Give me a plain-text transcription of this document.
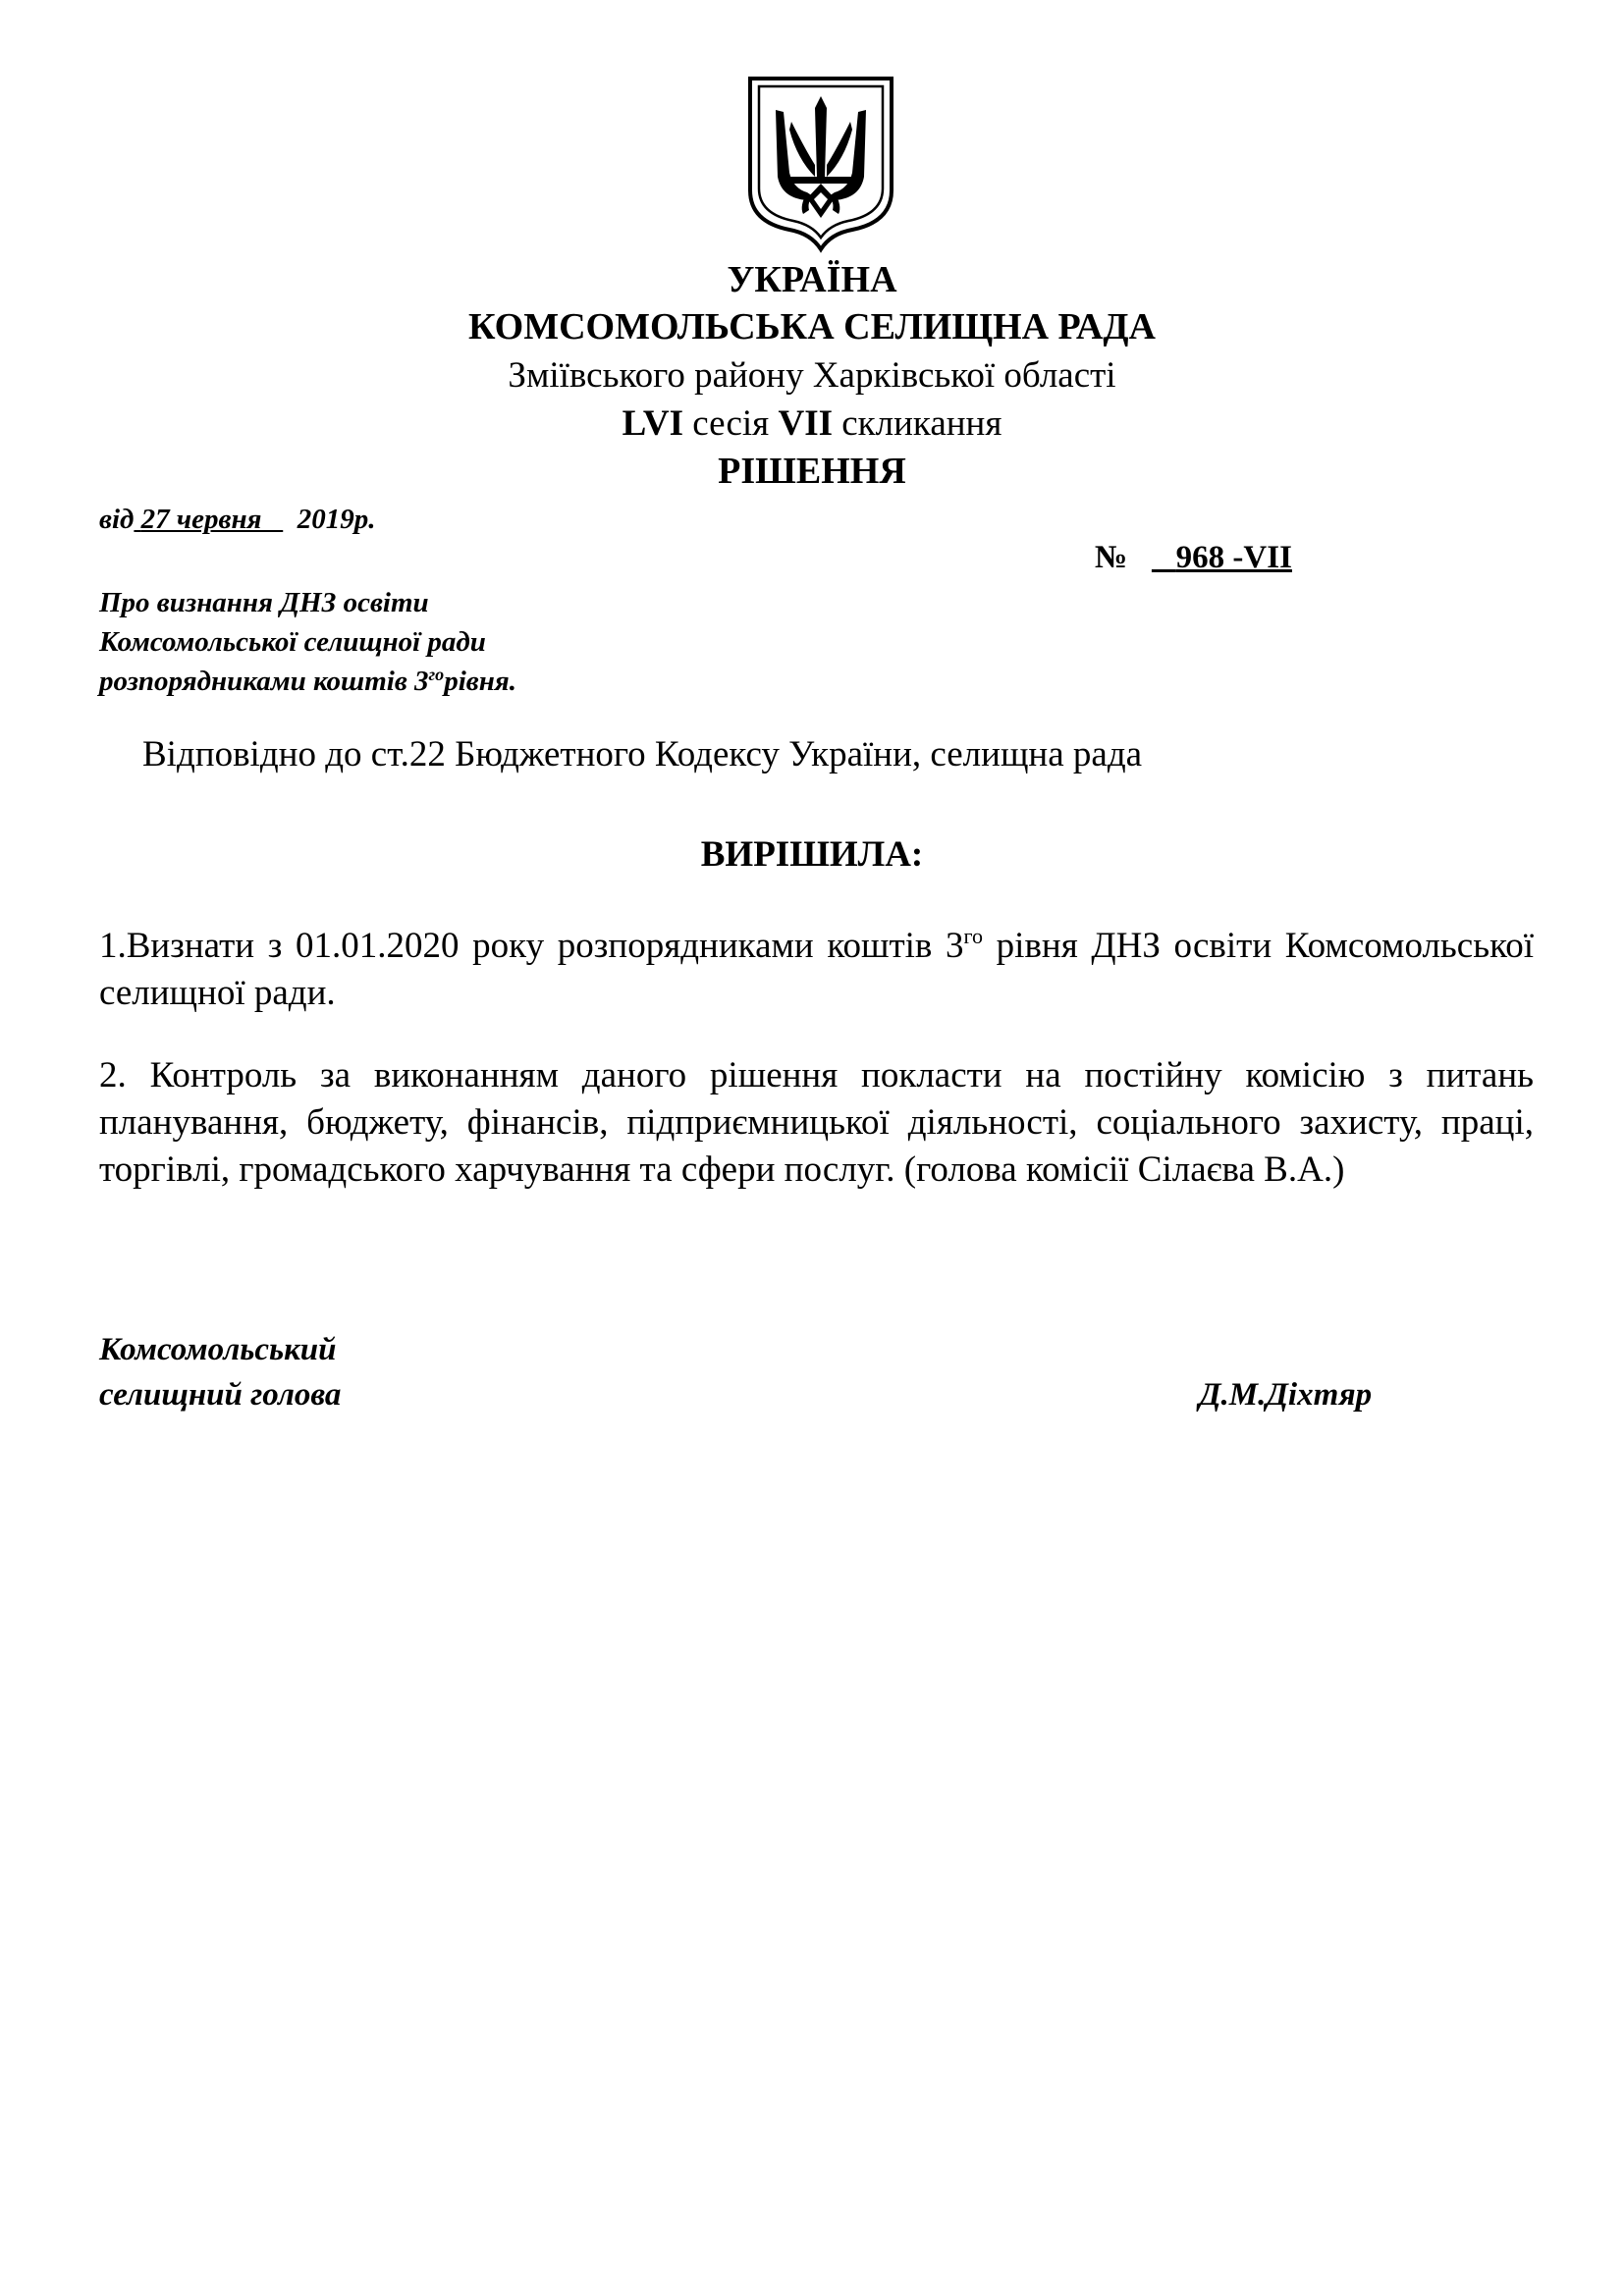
УКРАЇНА
КОМСОМОЛЬСЬКА СЕЛИЩНА РАДА
Зміївського району Харківської області
LVI сесія VII скликання
РІШЕННЯ
від 27 червня 2019р.
№ 968 -VII
Про визнання ДНЗ освіти
Комсомольської селищної ради
розпорядниками коштів $3^{го}рівня$.
Відповідно до ст.22 Бюджетного Кодексу України, селищна рада
ВИРІШИЛА:
1.Визнати з 01.01.2020 року розпорядниками коштів $3^{го}$ рівня ДНЗ освіти Комсомольської селищної ради.
2. Контроль за виконанням даного рішення покласти на постійну комісію з питань планування, бюджету, фінансів, підприємницької діяльності, соціального захисту, праці, торгівлі, громадського харчування та сфери послуг. (голова комісії Сілаєва В.А.)
Комсомольський
селищний голова	Д.М.Діхтяр
